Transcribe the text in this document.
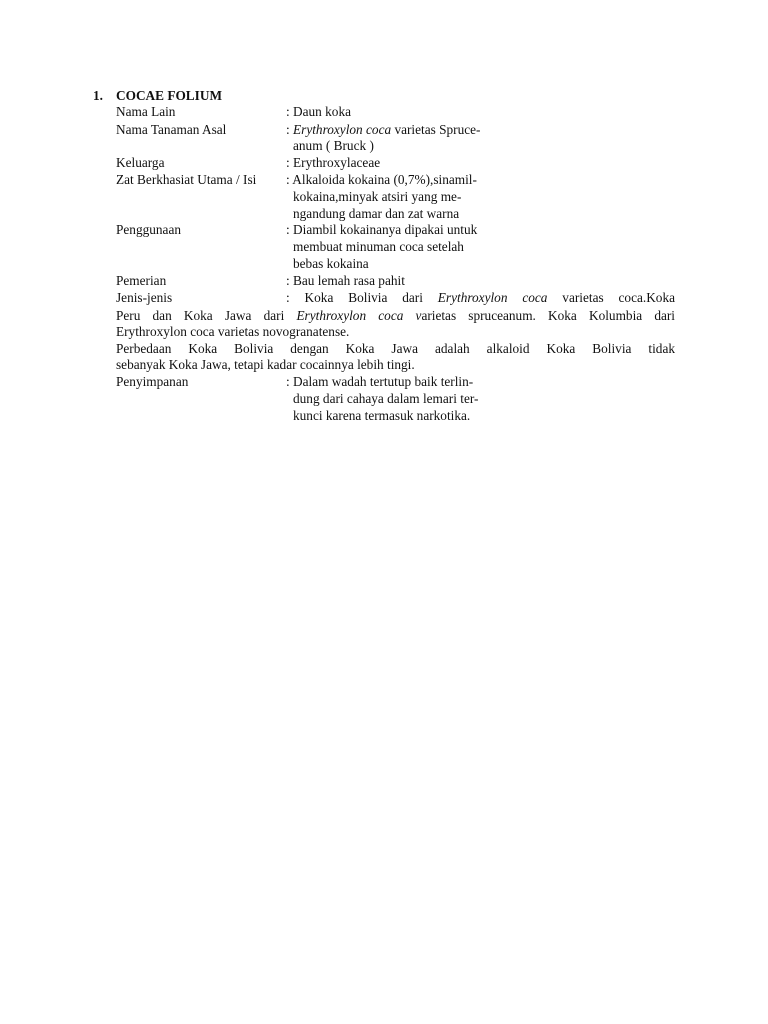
1. COCAE FOLIUM
Nama Lain	: Daun koka
Nama Tanaman Asal	: Erythroxylon coca varietas Spruce-
anum ( Bruck )
Keluarga	: Erythroxylaceae
Zat Berkhasiat Utama / Isi : Alkaloida kokaina (0,7%),sinamil-
kokaina,minyak atsiri yang me-
ngandung damar dan zat warna
Penggunaan	: Diambil kokainanya dipakai untuk
membuat minuman coca setelah
bebas kokaina
Pemerian	: Bau lemah rasa pahit
Jenis-jenis	: Koka Bolivia dari Erythroxylon coca varietas coca.Koka
Peru dan Koka Jawa dari Erythroxylon coca varietas spruceanum. Koka Kolumbia dari
Erythroxylon coca varietas novogranatense.
Perbedaan Koka Bolivia dengan Koka Jawa adalah alkaloid Koka Bolivia tidak
sebanyak Koka Jawa, tetapi kadar cocainnya lebih tingi.
Penyimpanan	: Dalam wadah tertutup baik terlin-
dung dari cahaya dalam lemari ter-
kunci karena termasuk narkotika.
